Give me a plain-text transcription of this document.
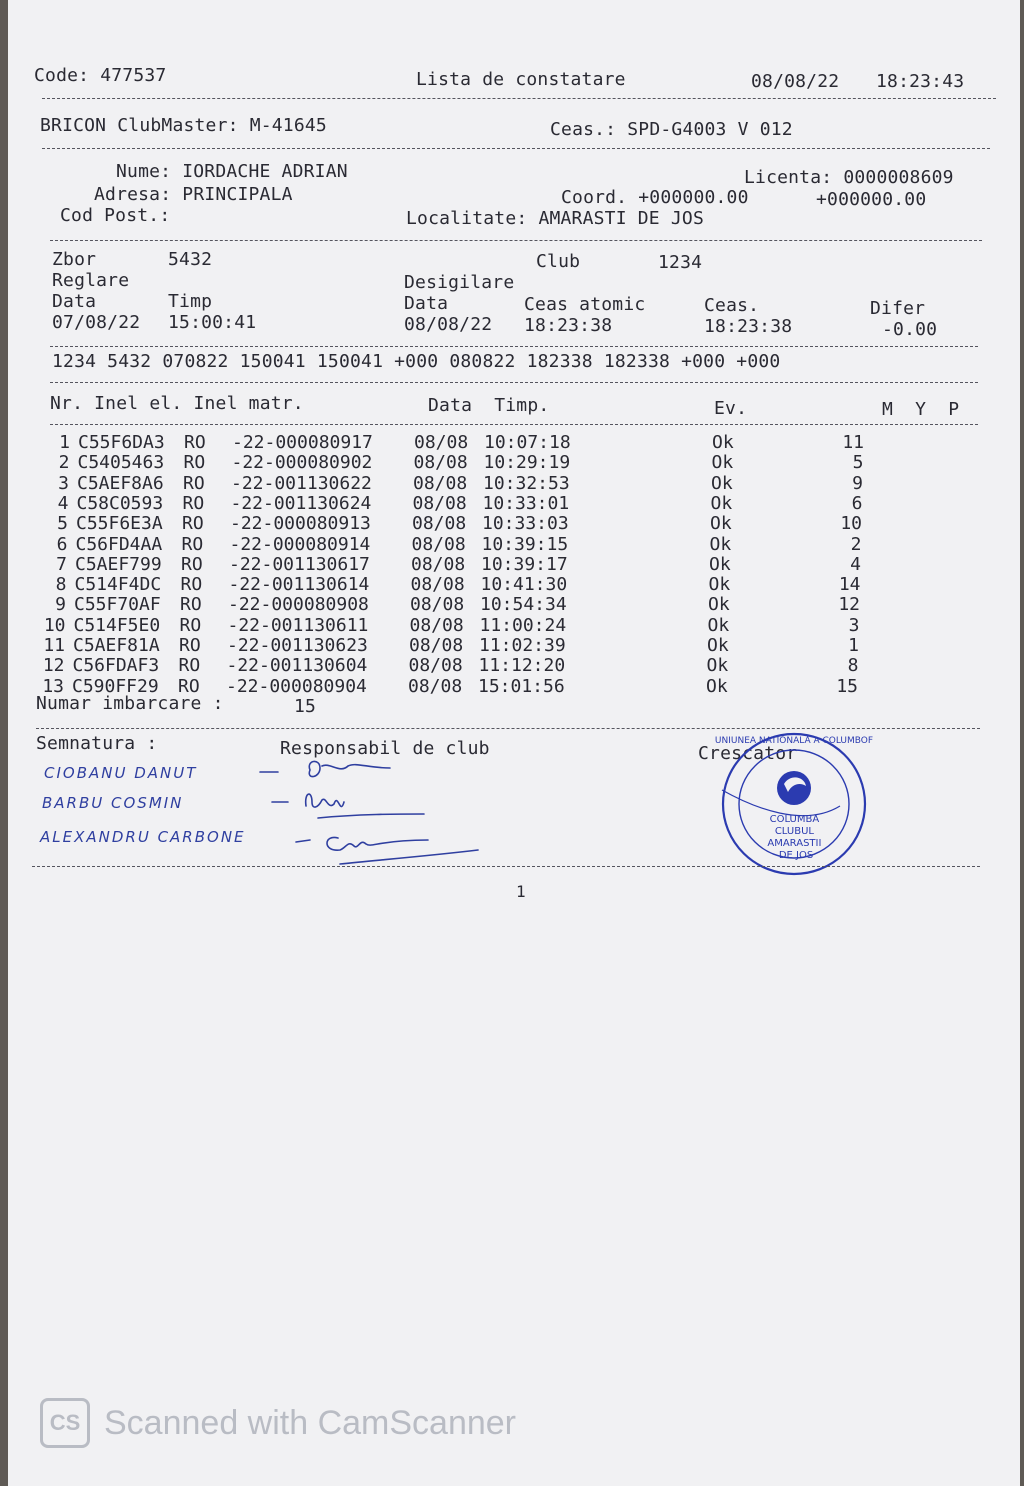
Code: 477537	Lista de constatare	08/08/22 18:23:43
BRICON ClubMaster: M-41645	Ceas.: SPD-G4003 V 012
Nume: IORDACHE ADRIAN	Licenta: 0000008609
Adresa: PRINCIPALA	Coord. +000000.00	+000000.00
Cod Post.:	Localitate: AMARASTI DE JOS
Zbor	5432	Club	1234
Reglare	Desigilare
Data	Timp	Data	Ceas atomic	Ceas.	Difer
07/08/22 15:00:41	08/08/22 18:23:38	18:23:38	-0.00
1234 5432 070822 150041 150041 +000 080822 182338 182338 +000 +000
Nr. Inel el. Inel matr.	Data  Timp.	Ev.	M  Y  P
1 C55F6DA3 RO -22-000080917 08/08 10:07:18	Ok	11
2 C5405463 RO -22-000080902 08/08 10:29:19	Ok	5
3 C5AEF8A6 RO -22-001130622 08/08 10:32:53	Ok	9
4 C58C0593 RO -22-001130624 08/08 10:33:01	Ok	6
5 C55F6E3A RO -22-000080913 08/08 10:33:03	Ok	10
6 C56FD4AA RO -22-000080914 08/08 10:39:15	Ok	2
7 C5AEF799 RO -22-001130617 08/08 10:39:17	Ok	4
8 C514F4DC RO -22-001130614 08/08 10:41:30	Ok	14
9 C55F70AF RO -22-000080908 08/08 10:54:34	Ok	12
10 C514F5E0 RO -22-001130611 08/08 11:00:24	Ok	3
11 C5AEF81A RO -22-001130623 08/08 11:02:39	Ok	1
12 C56FDAF3 RO -22-001130604 08/08 11:12:20	Ok	8
13 C590FF29 RO -22-000080904 08/08 15:01:56	Ok	15
Numar imbarcare :	15
Semnatura :	Responsabil de club	Crescator
CIOBANU DANUT
BARBU COSMIN
ALEXANDRU CARBONE
UNIUNEA NATIONALA A COLUMBOF
COLUMBA CLUBUL AMARASTII DE JOS
1
CS Scanned with CamScanner
